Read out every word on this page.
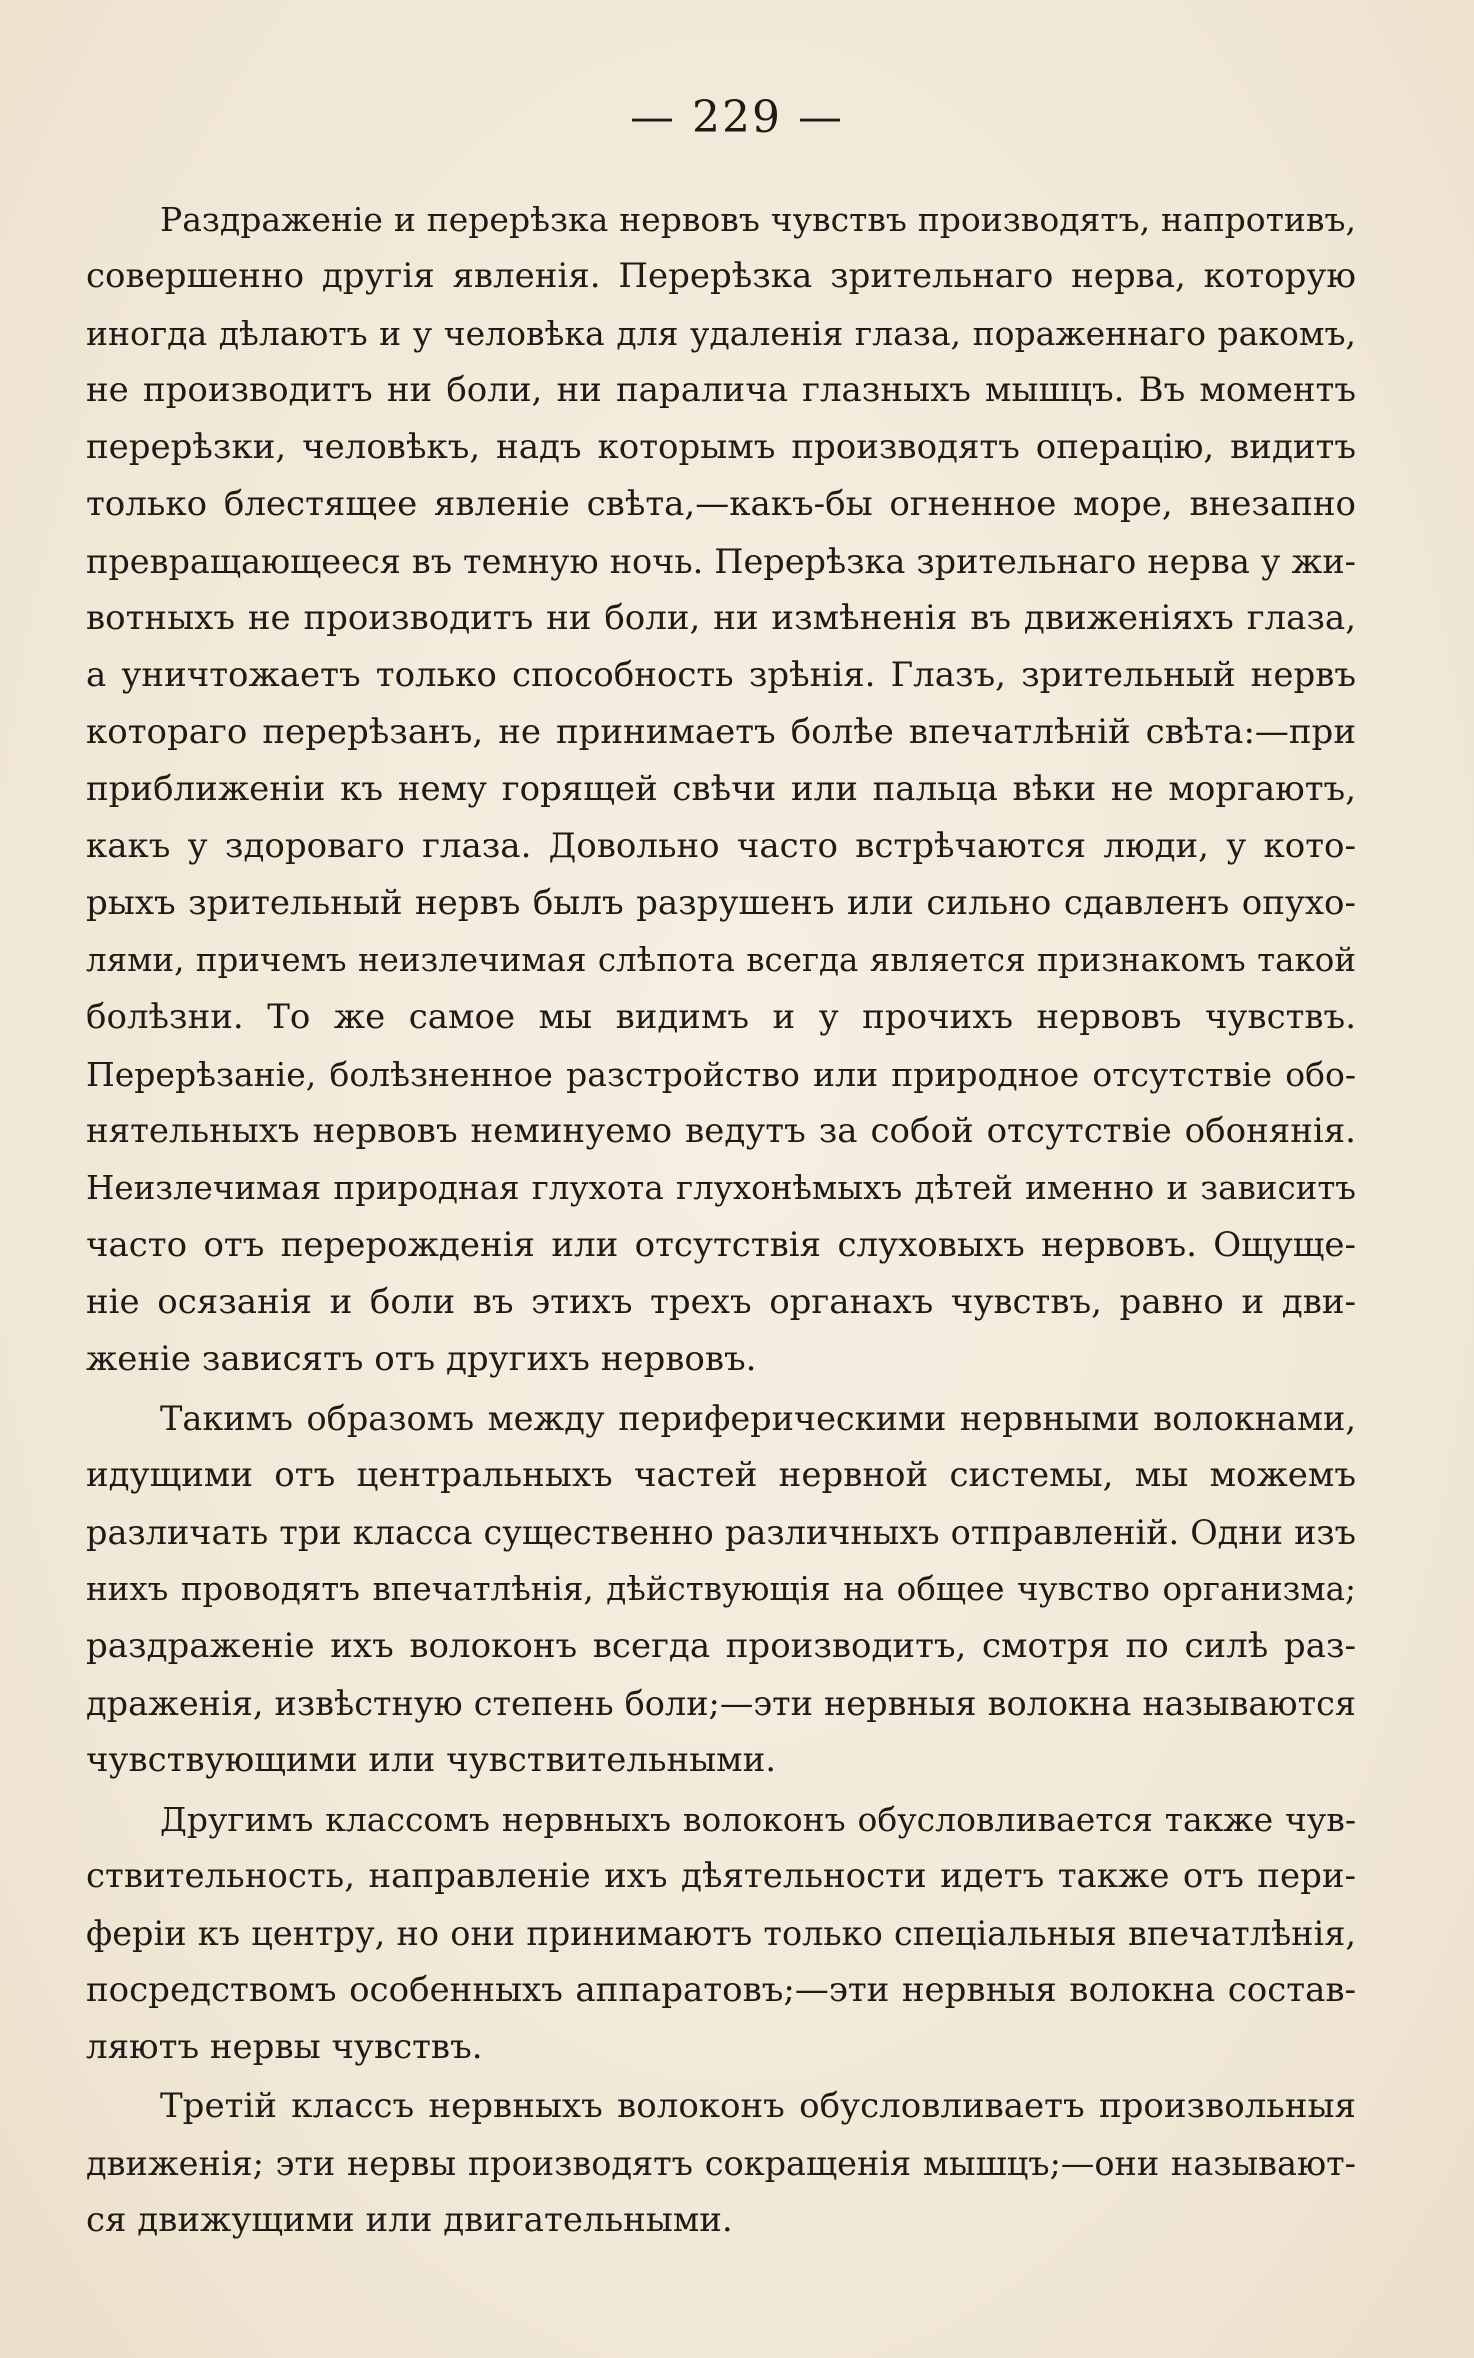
— 229 —
Раздраженіе и перерѣзка нервовъ чувствъ производятъ, напротивъ,
совершенно другія явленія. Перерѣзка зрительнаго нерва, которую
иногда дѣлаютъ и у человѣка для удаленія глаза, пораженнаго ракомъ,
не производитъ ни боли, ни паралича глазныхъ мышцъ. Въ моментъ
перерѣзки, человѣкъ, надъ которымъ производятъ операцію, видитъ
только блестящее явленіе свѣта,—какъ-бы огненное море, внезапно
превращающееся въ темную ночь. Перерѣзка зрительнаго нерва у жи-
вотныхъ не производитъ ни боли, ни измѣненія въ движеніяхъ глаза,
а уничтожаетъ только способность зрѣнія. Глазъ, зрительный нервъ
котораго перерѣзанъ, не принимаетъ болѣе впечатлѣній свѣта:—при
приближеніи къ нему горящей свѣчи или пальца вѣки не моргаютъ,
какъ у здороваго глаза. Довольно часто встрѣчаются люди, у кото-
рыхъ зрительный нервъ былъ разрушенъ или сильно сдавленъ опухо-
лями, причемъ неизлечимая слѣпота всегда является признакомъ такой
болѣзни. То же самое мы видимъ и у прочихъ нервовъ чувствъ.
Перерѣзаніе, болѣзненное разстройство или природное отсутствіе обо-
нятельныхъ нервовъ неминуемо ведутъ за собой отсутствіе обонянія.
Неизлечимая природная глухота глухонѣмыхъ дѣтей именно и зависитъ
часто отъ перерожденія или отсутствія слуховыхъ нервовъ. Ощуще-
ніе осязанія и боли въ этихъ трехъ органахъ чувствъ, равно и дви-
женіе зависятъ отъ другихъ нервовъ.
Такимъ образомъ между периферическими нервными волокнами,
идущими отъ центральныхъ частей нервной системы, мы можемъ
различать три класса существенно различныхъ отправленій. Одни изъ
нихъ проводятъ впечатлѣнія, дѣйствующія на общее чувство организма;
раздраженіе ихъ волоконъ всегда производитъ, смотря по силѣ раз-
драженія, извѣстную степень боли;—эти нервныя волокна называются
чувствующими или чувствительными.
Другимъ классомъ нервныхъ волоконъ обусловливается также чув-
ствительность, направленіе ихъ дѣятельности идетъ также отъ пери-
феріи къ центру, но они принимаютъ только спеціальныя впечатлѣнія,
посредствомъ особенныхъ аппаратовъ;—эти нервныя волокна состав-
ляютъ нервы чувствъ.
Третій классъ нервныхъ волоконъ обусловливаетъ произвольныя
движенія; эти нервы производятъ сокращенія мышцъ;—они называют-
ся движущими или двигательными.
